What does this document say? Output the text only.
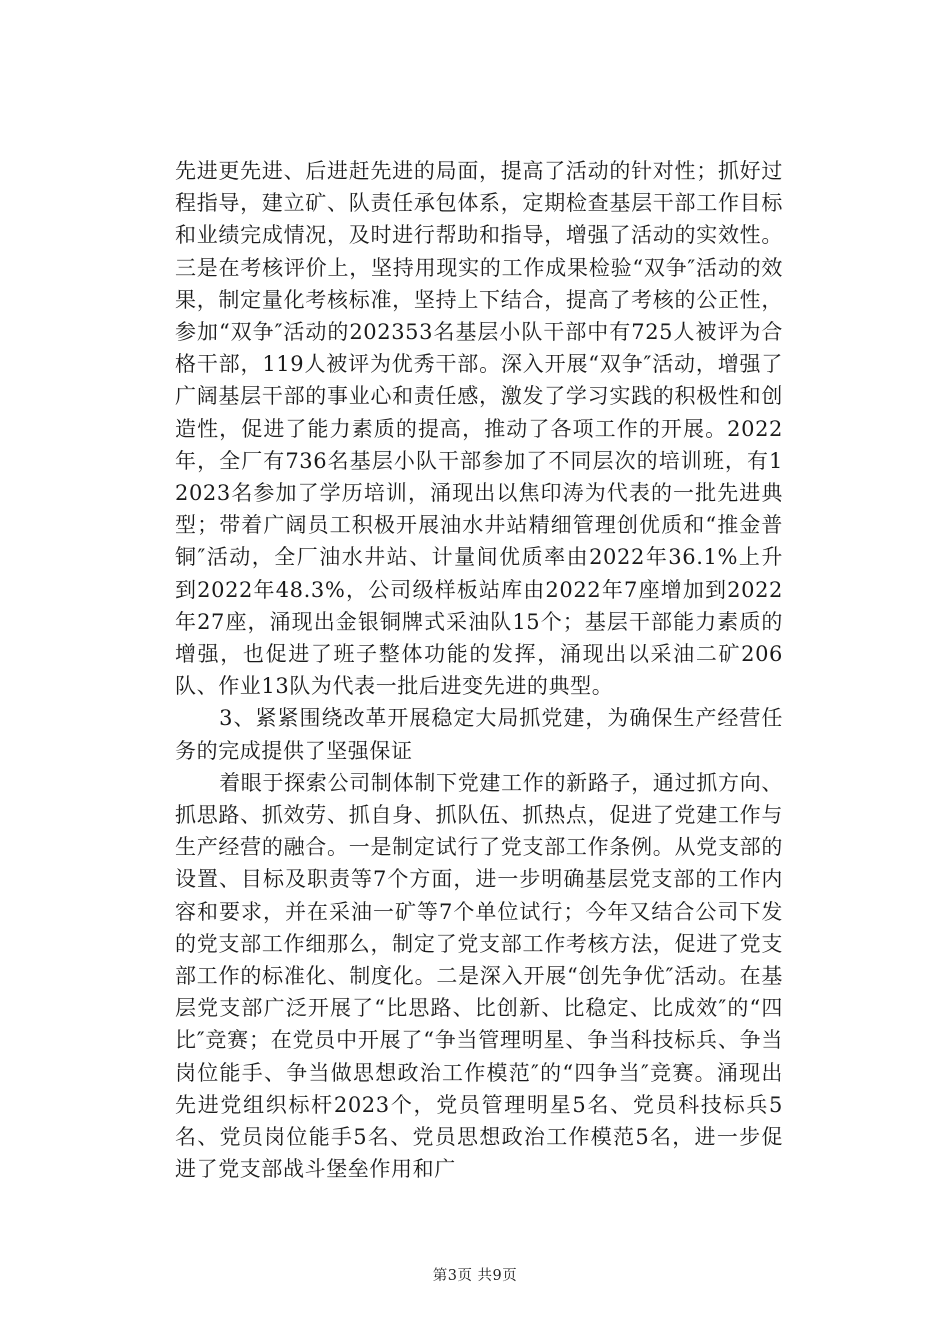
先进更先进、后进赶先进的局面，提高了活动的针对性；抓好过程指导，建立矿、队责任承包体系，定期检查基层干部工作目标和业绩完成情况，及时进行帮助和指导，增强了活动的实效性。三是在考核评价上，坚持用现实的工作成果检验“双争″活动的效果，制定量化考核标准，坚持上下结合，提高了考核的公正性，参加“双争″活动的202353名基层小队干部中有725人被评为合格干部，119人被评为优秀干部。深入开展“双争″活动，增强了广阔基层干部的事业心和责任感，激发了学习实践的积极性和创造性，促进了能力素质的提高，推动了各项工作的开展。2022年，全厂有736名基层小队干部参加了不同层次的培训班，有12023名参加了学历培训，涌现出以焦印涛为代表的一批先进典型；带着广阔员工积极开展油水井站精细管理创优质和“推金普铜″活动，全厂油水井站、计量间优质率由2022年36.1%上升到2022年48.3%，公司级样板站库由2022年7座增加到2022年27座，涌现出金银铜牌式采油队15个；基层干部能力素质的增强，也促进了班子整体功能的发挥，涌现出以采油二矿206队、作业13队为代表一批后进变先进的典型。

3、紧紧围绕改革开展稳定大局抓党建，为确保生产经营任务的完成提供了坚强保证

着眼于探索公司制体制下党建工作的新路子，通过抓方向、抓思路、抓效劳、抓自身、抓队伍、抓热点，促进了党建工作与生产经营的融合。一是制定试行了党支部工作条例。从党支部的设置、目标及职责等7个方面，进一步明确基层党支部的工作内容和要求，并在采油一矿等7个单位试行；今年又结合公司下发的党支部工作细那么，制定了党支部工作考核方法，促进了党支部工作的标准化、制度化。二是深入开展“创先争优″活动。在基层党支部广泛开展了“比思路、比创新、比稳定、比成效″的“四比″竞赛；在党员中开展了“争当管理明星、争当科技标兵、争当岗位能手、争当做思想政治工作模范″的“四争当″竞赛。涌现出先进党组织标杆2023个，党员管理明星5名、党员科技标兵5名、党员岗位能手5名、党员思想政治工作模范5名，进一步促进了党支部战斗堡垒作用和广

第3页 共9页
